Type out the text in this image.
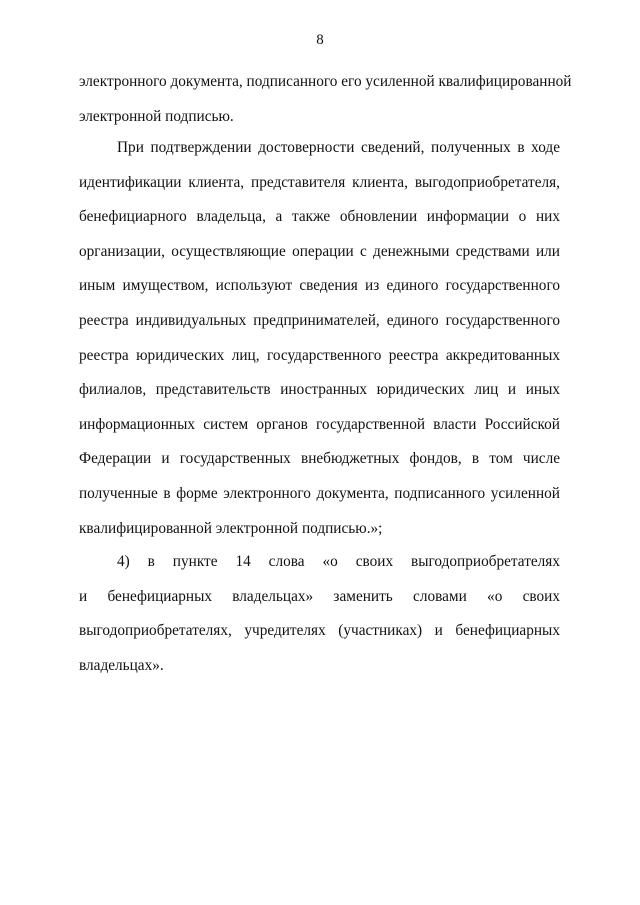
8
электронного документа, подписанного его усиленной квалифицированной
электронной подписью.
При подтверждении достоверности сведений, полученных в ходе
идентификации клиента, представителя клиента, выгодоприобретателя,
бенефициарного владельца, а также обновлении информации о них
организации, осуществляющие операции с денежными средствами или
иным имуществом, используют сведения из единого государственного
реестра индивидуальных предпринимателей, единого государственного
реестра юридических лиц, государственного реестра аккредитованных
филиалов, представительств иностранных юридических лиц и иных
информационных систем органов государственной власти Российской
Федерации и государственных внебюджетных фондов, в том числе
полученные в форме электронного документа, подписанного усиленной
квалифицированной электронной подписью.»;
4) в пункте 14 слова «о своих выгодоприобретателях
и бенефициарных владельцах» заменить словами «о своих
выгодоприобретателях, учредителях (участниках) и бенефициарных
владельцах».
